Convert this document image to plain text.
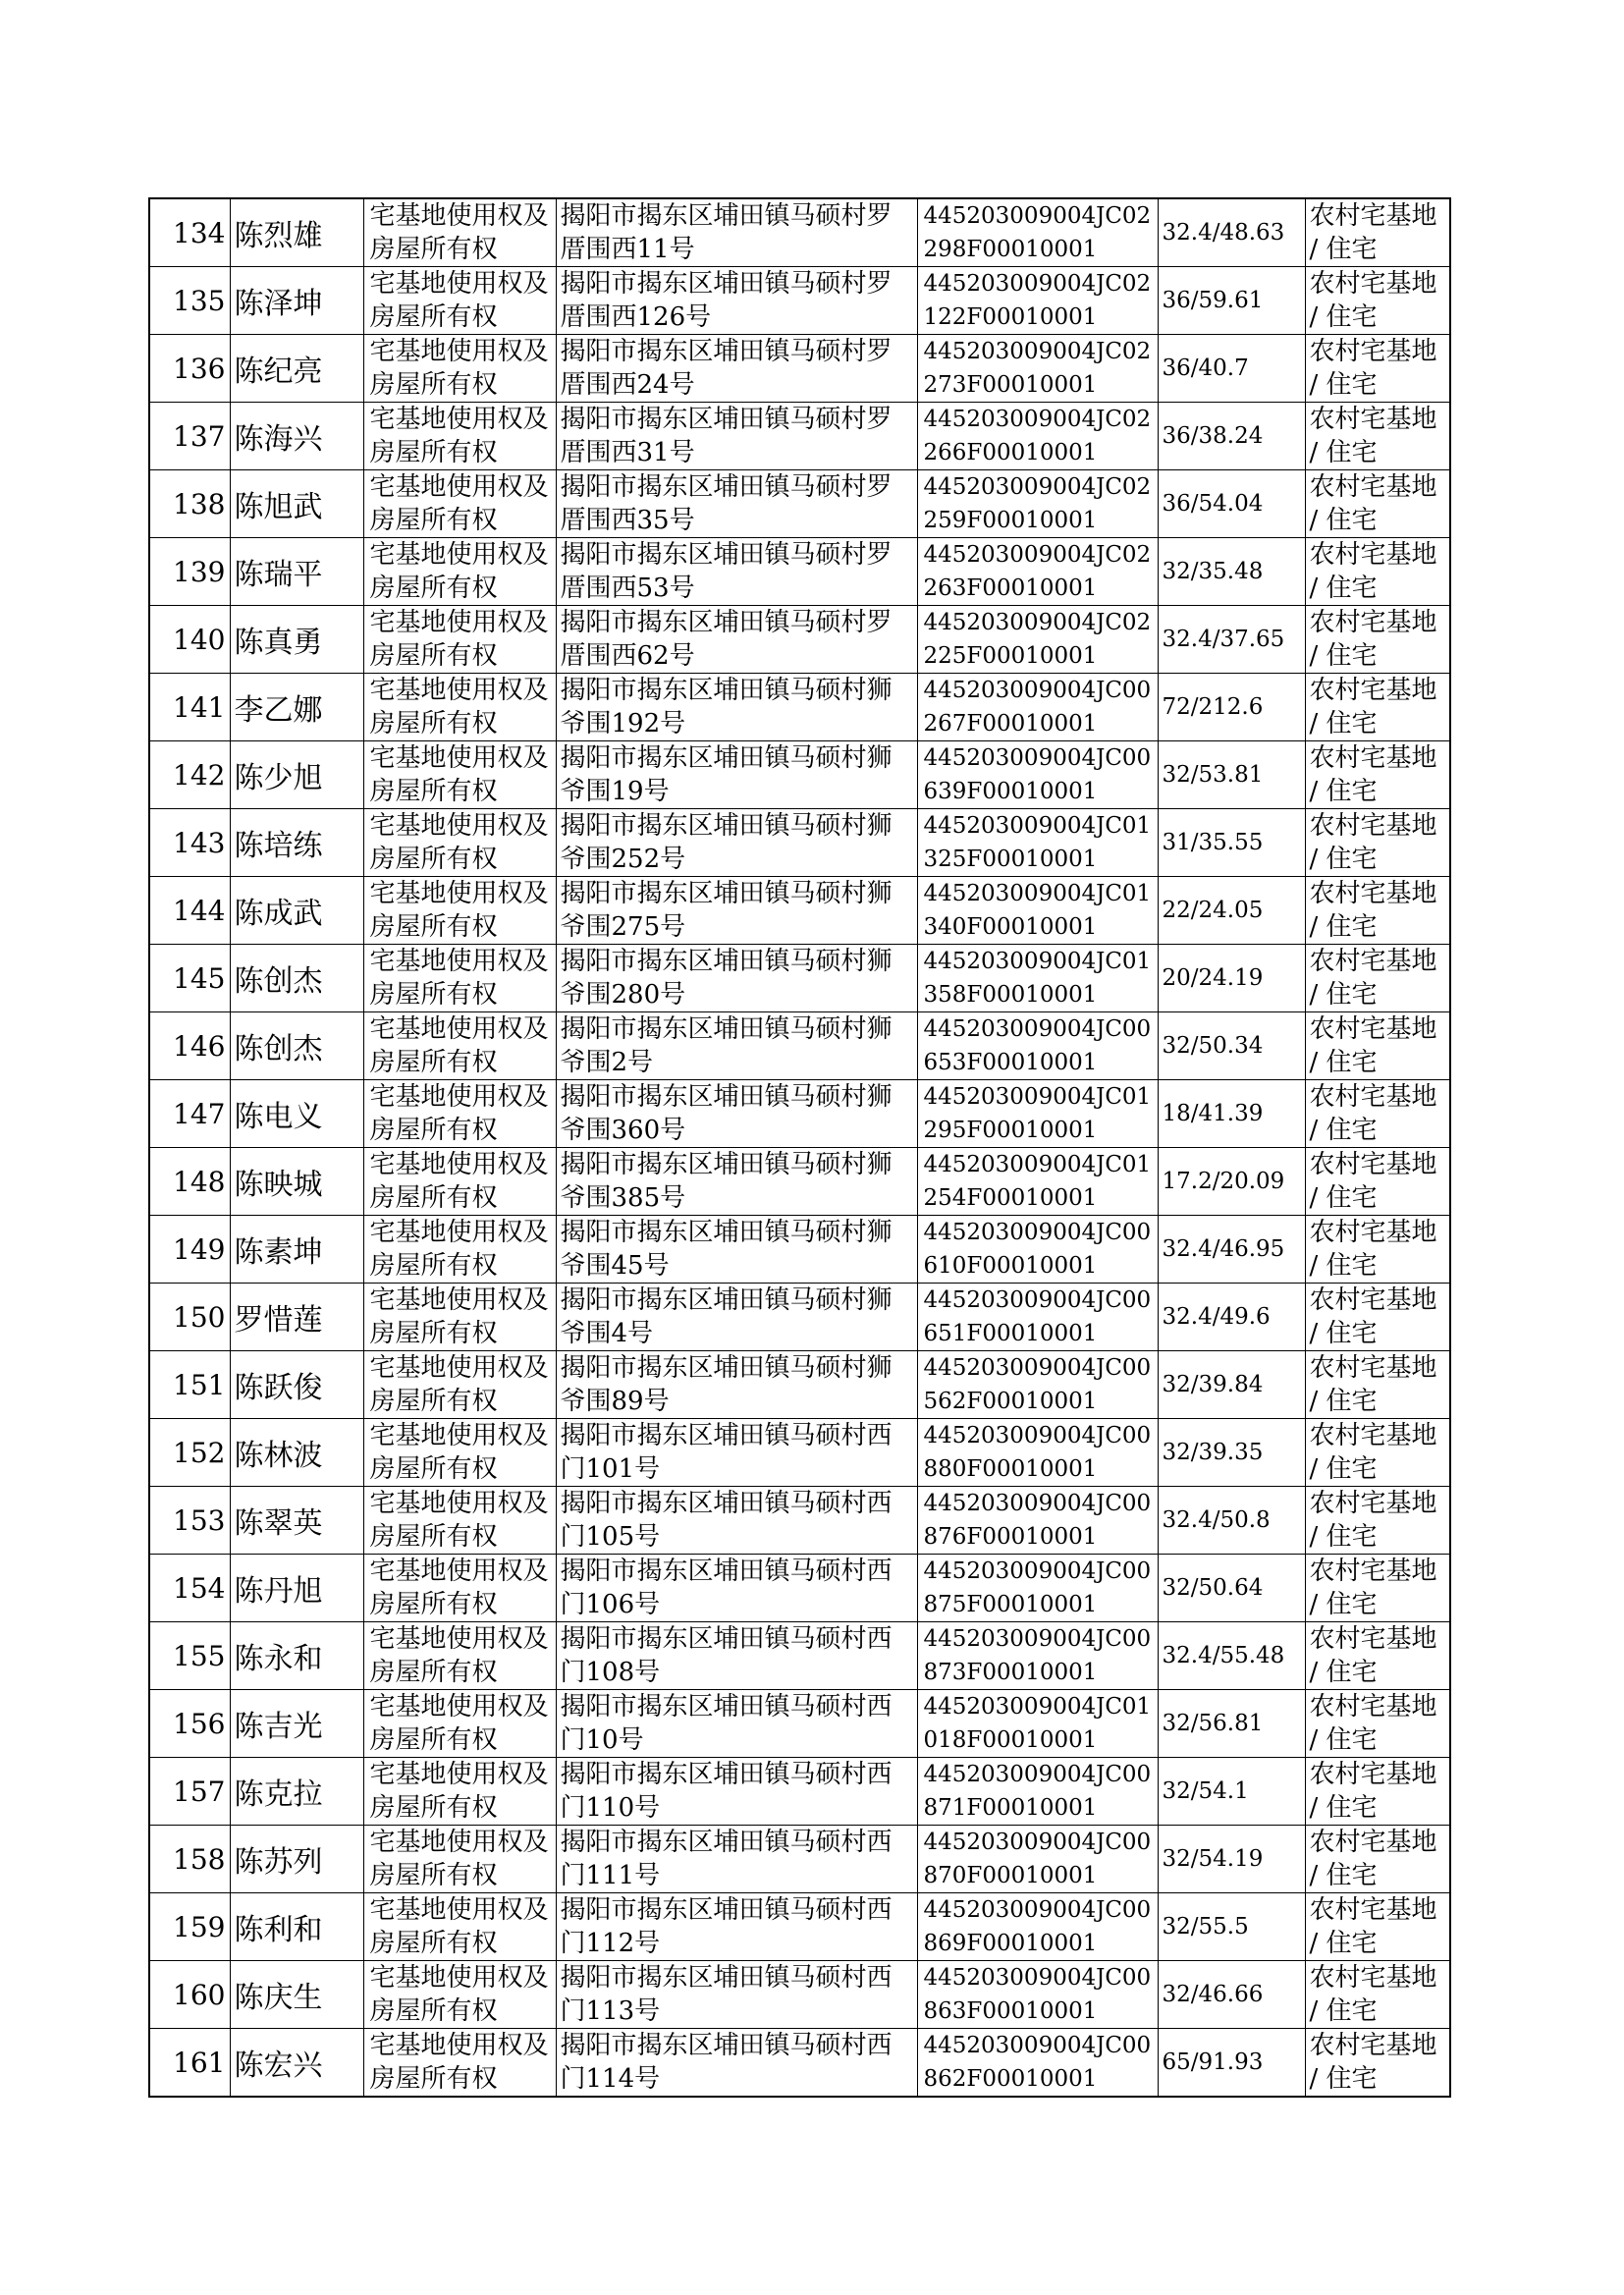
134	陈烈雄	宅基地使用权及房屋所有权	揭阳市揭东区埔田镇马硕村罗厝围西11号	445203009004JC02298F00010001	32.4/48.63	农村宅基地 / 住宅
135	陈泽坤	宅基地使用权及房屋所有权	揭阳市揭东区埔田镇马硕村罗厝围西126号	445203009004JC02122F00010001	36/59.61	农村宅基地 / 住宅
136	陈纪亮	宅基地使用权及房屋所有权	揭阳市揭东区埔田镇马硕村罗厝围西24号	445203009004JC02273F00010001	36/40.7	农村宅基地 / 住宅
137	陈海兴	宅基地使用权及房屋所有权	揭阳市揭东区埔田镇马硕村罗厝围西31号	445203009004JC02266F00010001	36/38.24	农村宅基地 / 住宅
138	陈旭武	宅基地使用权及房屋所有权	揭阳市揭东区埔田镇马硕村罗厝围西35号	445203009004JC02259F00010001	36/54.04	农村宅基地 / 住宅
139	陈瑞平	宅基地使用权及房屋所有权	揭阳市揭东区埔田镇马硕村罗厝围西53号	445203009004JC02263F00010001	32/35.48	农村宅基地 / 住宅
140	陈真勇	宅基地使用权及房屋所有权	揭阳市揭东区埔田镇马硕村罗厝围西62号	445203009004JC02225F00010001	32.4/37.65	农村宅基地 / 住宅
141	李乙娜	宅基地使用权及房屋所有权	揭阳市揭东区埔田镇马硕村狮爷围192号	445203009004JC00267F00010001	72/212.6	农村宅基地 / 住宅
142	陈少旭	宅基地使用权及房屋所有权	揭阳市揭东区埔田镇马硕村狮爷围19号	445203009004JC00639F00010001	32/53.81	农村宅基地 / 住宅
143	陈培练	宅基地使用权及房屋所有权	揭阳市揭东区埔田镇马硕村狮爷围252号	445203009004JC01325F00010001	31/35.55	农村宅基地 / 住宅
144	陈成武	宅基地使用权及房屋所有权	揭阳市揭东区埔田镇马硕村狮爷围275号	445203009004JC01340F00010001	22/24.05	农村宅基地 / 住宅
145	陈创杰	宅基地使用权及房屋所有权	揭阳市揭东区埔田镇马硕村狮爷围280号	445203009004JC01358F00010001	20/24.19	农村宅基地 / 住宅
146	陈创杰	宅基地使用权及房屋所有权	揭阳市揭东区埔田镇马硕村狮爷围2号	445203009004JC00653F00010001	32/50.34	农村宅基地 / 住宅
147	陈电义	宅基地使用权及房屋所有权	揭阳市揭东区埔田镇马硕村狮爷围360号	445203009004JC01295F00010001	18/41.39	农村宅基地 / 住宅
148	陈映城	宅基地使用权及房屋所有权	揭阳市揭东区埔田镇马硕村狮爷围385号	445203009004JC01254F00010001	17.2/20.09	农村宅基地 / 住宅
149	陈素坤	宅基地使用权及房屋所有权	揭阳市揭东区埔田镇马硕村狮爷围45号	445203009004JC00610F00010001	32.4/46.95	农村宅基地 / 住宅
150	罗惜莲	宅基地使用权及房屋所有权	揭阳市揭东区埔田镇马硕村狮爷围4号	445203009004JC00651F00010001	32.4/49.6	农村宅基地 / 住宅
151	陈跃俊	宅基地使用权及房屋所有权	揭阳市揭东区埔田镇马硕村狮爷围89号	445203009004JC00562F00010001	32/39.84	农村宅基地 / 住宅
152	陈林波	宅基地使用权及房屋所有权	揭阳市揭东区埔田镇马硕村西门101号	445203009004JC00880F00010001	32/39.35	农村宅基地 / 住宅
153	陈翠英	宅基地使用权及房屋所有权	揭阳市揭东区埔田镇马硕村西门105号	445203009004JC00876F00010001	32.4/50.8	农村宅基地 / 住宅
154	陈丹旭	宅基地使用权及房屋所有权	揭阳市揭东区埔田镇马硕村西门106号	445203009004JC00875F00010001	32/50.64	农村宅基地 / 住宅
155	陈永和	宅基地使用权及房屋所有权	揭阳市揭东区埔田镇马硕村西门108号	445203009004JC00873F00010001	32.4/55.48	农村宅基地 / 住宅
156	陈吉光	宅基地使用权及房屋所有权	揭阳市揭东区埔田镇马硕村西门10号	445203009004JC01018F00010001	32/56.81	农村宅基地 / 住宅
157	陈克拉	宅基地使用权及房屋所有权	揭阳市揭东区埔田镇马硕村西门110号	445203009004JC00871F00010001	32/54.1	农村宅基地 / 住宅
158	陈苏列	宅基地使用权及房屋所有权	揭阳市揭东区埔田镇马硕村西门111号	445203009004JC00870F00010001	32/54.19	农村宅基地 / 住宅
159	陈利和	宅基地使用权及房屋所有权	揭阳市揭东区埔田镇马硕村西门112号	445203009004JC00869F00010001	32/55.5	农村宅基地 / 住宅
160	陈庆生	宅基地使用权及房屋所有权	揭阳市揭东区埔田镇马硕村西门113号	445203009004JC00863F00010001	32/46.66	农村宅基地 / 住宅
161	陈宏兴	宅基地使用权及房屋所有权	揭阳市揭东区埔田镇马硕村西门114号	445203009004JC00862F00010001	65/91.93	农村宅基地 / 住宅
